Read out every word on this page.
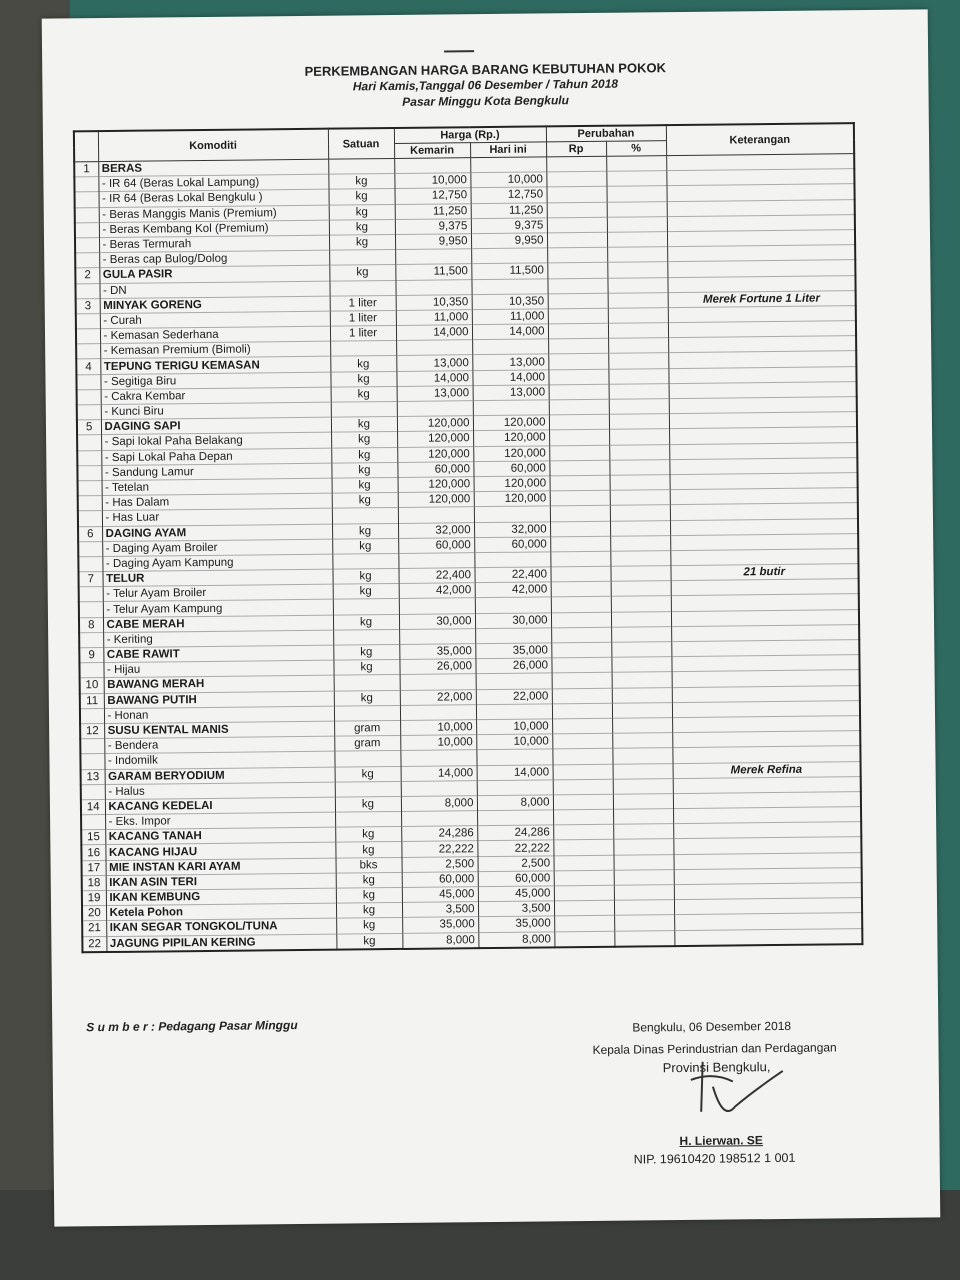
PERKEMBANGAN HARGA BARANG KEBUTUHAN POKOK
Hari Kamis,Tanggal 06 Desember / Tahun 2018
Pasar Minggu Kota Bengkulu
	Komoditi	Satuan	Harga (Rp.)		Perubahan		Keterangan
			Kemarin	Hari ini	Rp	%	
1	BERAS						
	- IR 64 (Beras Lokal Lampung)	kg	10,000	10,000			
	- IR 64 (Beras Lokal Bengkulu )	kg	12,750	12,750			
	- Beras Manggis Manis (Premium)	kg	11,250	11,250			
	- Beras Kembang Kol (Premium)	kg	9,375	9,375			
	- Beras Termurah	kg	9,950	9,950			
	- Beras cap Bulog/Dolog						
2	GULA PASIR	kg	11,500	11,500			
	- DN						
3	MINYAK GORENG	1 liter	10,350	10,350			Merek Fortune 1 Liter
	- Curah	1 liter	11,000	11,000			
	- Kemasan Sederhana	1 liter	14,000	14,000			
	- Kemasan Premium (Bimoli)						
4	TEPUNG TERIGU KEMASAN	kg	13,000	13,000			
	- Segitiga Biru	kg	14,000	14,000			
	- Cakra Kembar	kg	13,000	13,000			
	- Kunci Biru						
5	DAGING SAPI	kg	120,000	120,000			
	- Sapi lokal Paha Belakang	kg	120,000	120,000			
	- Sapi Lokal Paha Depan	kg	120,000	120,000			
	- Sandung Lamur	kg	60,000	60,000			
	- Tetelan	kg	120,000	120,000			
	- Has Dalam	kg	120,000	120,000			
	- Has Luar						
6	DAGING AYAM	kg	32,000	32,000			
	- Daging Ayam Broiler	kg	60,000	60,000			
	- Daging Ayam Kampung						
7	TELUR	kg	22,400	22,400			21 butir
	- Telur Ayam Broiler	kg	42,000	42,000			
	- Telur Ayam Kampung						
8	CABE MERAH	kg	30,000	30,000			
	- Keriting						
9	CABE RAWIT	kg	35,000	35,000			
	- Hijau	kg	26,000	26,000			
10	BAWANG MERAH						
11	BAWANG PUTIH	kg	22,000	22,000			
	- Honan						
12	SUSU KENTAL MANIS	gram	10,000	10,000			
	- Bendera	gram	10,000	10,000			
	- Indomilk						
13	GARAM BERYODIUM	kg	14,000	14,000			Merek Refina
	- Halus						
14	KACANG KEDELAI	kg	8,000	8,000			
	- Eks. Impor						
15	KACANG TANAH	kg	24,286	24,286			
16	KACANG HIJAU	kg	22,222	22,222			
17	MIE INSTAN KARI AYAM	bks	2,500	2,500			
18	IKAN ASIN TERI	kg	60,000	60,000			
19	IKAN KEMBUNG	kg	45,000	45,000			
20	Ketela Pohon	kg	3,500	3,500			
21	IKAN SEGAR TONGKOL/TUNA	kg	35,000	35,000			
22	JAGUNG PIPILAN KERING	kg	8,000	8,000			
S u m b e r : Pedagang Pasar Minggu	Bengkulu, 06 Desember 2018
Kepala Dinas Perindustrian dan Perdagangan
Provinsi Bengkulu,
H. Lierwan. SE
NIP. 19610420 198512 1 001
